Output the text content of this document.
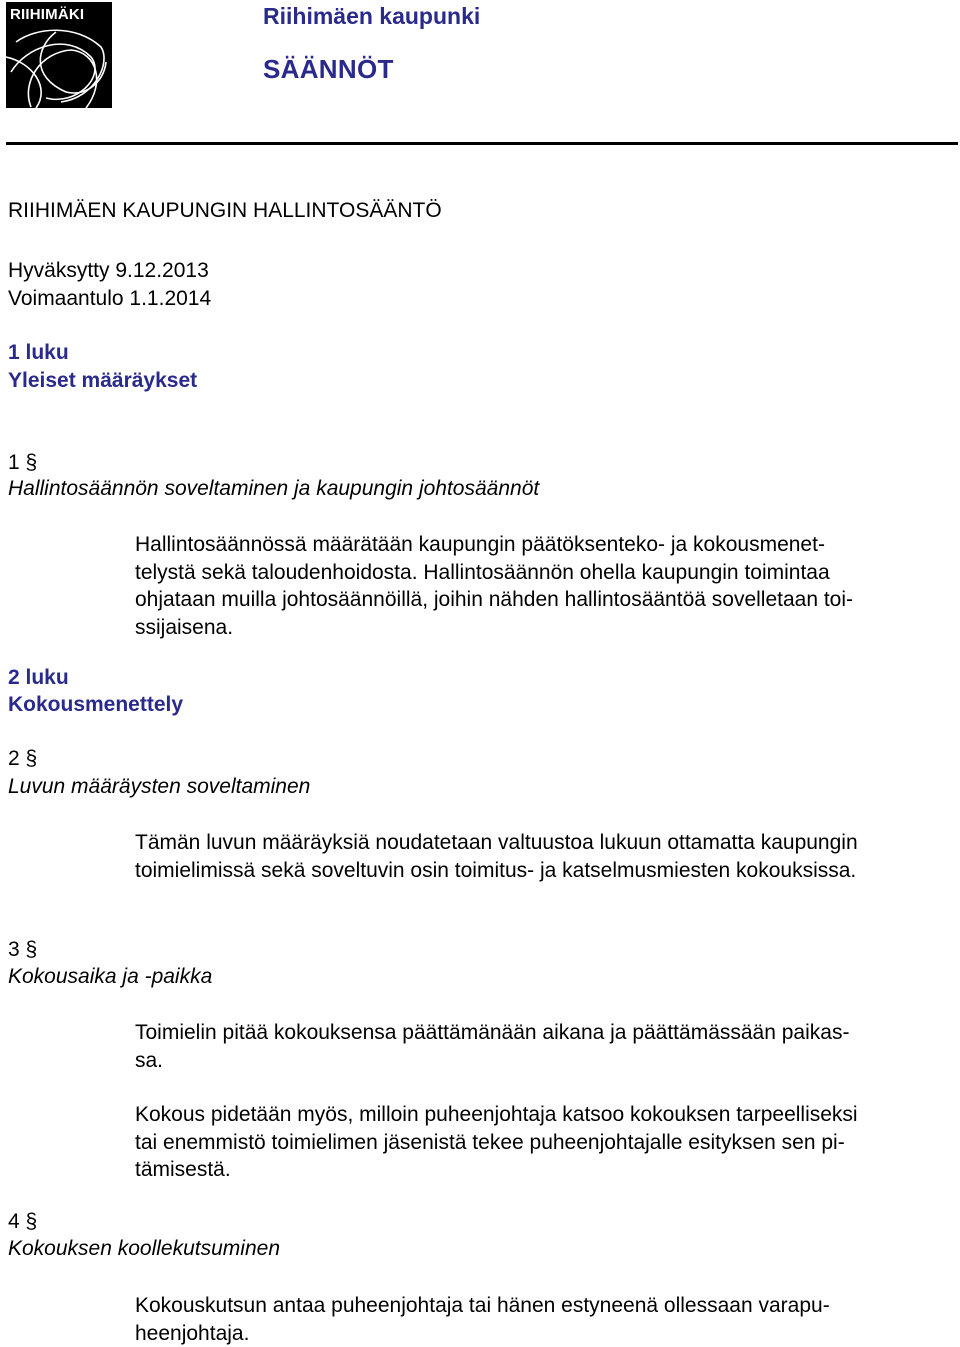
RIIHIMÄKI	Riihimäen kaupunki
SÄÄNNÖT
RIIHIMÄEN KAUPUNGIN HALLINTOSÄÄNTÖ
Hyväksytty 9.12.2013
Voimaantulo 1.1.2014
1 luku
Yleiset määräykset
1 §
Hallintosäännön soveltaminen ja kaupungin johtosäännöt
Hallintosäännössä määrätään kaupungin päätöksenteko- ja kokousmenet-
telystä sekä taloudenhoidosta. Hallintosäännön ohella kaupungin toimintaa
ohjataan muilla johtosäännöillä, joihin nähden hallintosääntöä sovelletaan toi-
ssijaisena.
2 luku
Kokousmenettely
2 §
Luvun määräysten soveltaminen
Tämän luvun määräyksiä noudatetaan valtuustoa lukuun ottamatta kaupungin
toimielimissä sekä soveltuvin osin toimitus- ja katselmusmiesten kokouksissa.
3 §
Kokousaika ja -paikka
Toimielin pitää kokouksensa päättämänään aikana ja päättämässään paikas-
sa.
Kokous pidetään myös, milloin puheenjohtaja katsoo kokouksen tarpeelliseksi
tai enemmistö toimielimen jäsenistä tekee puheenjohtajalle esityksen sen pi-
tämisestä.
4 §
Kokouksen koollekutsuminen
Kokouskutsun antaa puheenjohtaja tai hänen estyneenä ollessaan varapu-
heenjohtaja.
